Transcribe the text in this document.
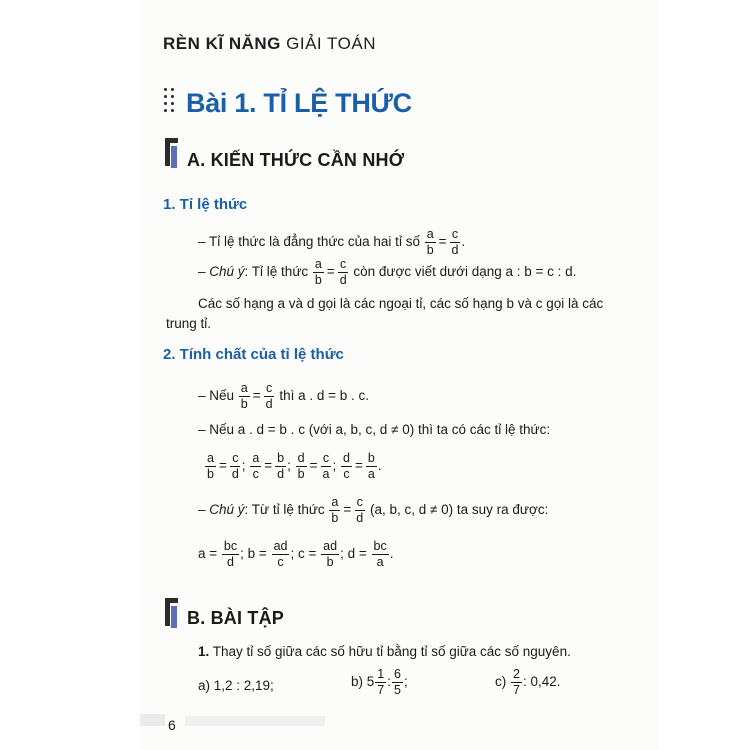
RÈN KĨ NĂNG GIẢI TOÁN
Bài 1. TỈ LỆ THỨC
A. KIẾN THỨC CẦN NHỚ
1. Tỉ lệ thức
– Tỉ lệ thức là đẳng thức của hai tỉ số $\frac{a}{b} = \frac{c}{d}$ .
– Chú ý: Tỉ lệ thức $\frac{a}{b} = \frac{c}{d}$ còn được viết dưới dạng a : b = c : d.
Các số hạng a và d gọi là các ngoại tỉ, các số hạng b và c gọi là các
trung tỉ.
2. Tính chất của tỉ lệ thức
– Nếu $\frac{a}{b} = \frac{c}{d}$ thì a . d = b . c.
– Nếu a . d = b . c (với a, b, c, d ≠ 0) thì ta có các tỉ lệ thức:
$\frac{a}{b} = \frac{c}{d}$ ; $\frac{a}{c} = \frac{b}{d}$ ; $\frac{d}{b} = \frac{c}{a}$ ; $\frac{d}{c} = \frac{b}{a}$ .
– Chú ý: Từ tỉ lệ thức $\frac{a}{b} = \frac{c}{d} (a$, b, c, d ≠ 0) ta suy ra được:
$a = \frac{bc}{d}$ ; $b = \frac{ad}{c}$ ; $c = \frac{ad}{b}$ ; $d = \frac{bc}{a}$ .
B. BÀI TẬP
1. Thay tỉ số giữa các số hữu tỉ bằng tỉ số giữa các số nguyên.
a) 1,2 : 2,19;	b) $5 \frac{1}{7}$ : $\frac{6}{5}$ ;	$c) \frac{2}{7}$ : 0,42.
6
